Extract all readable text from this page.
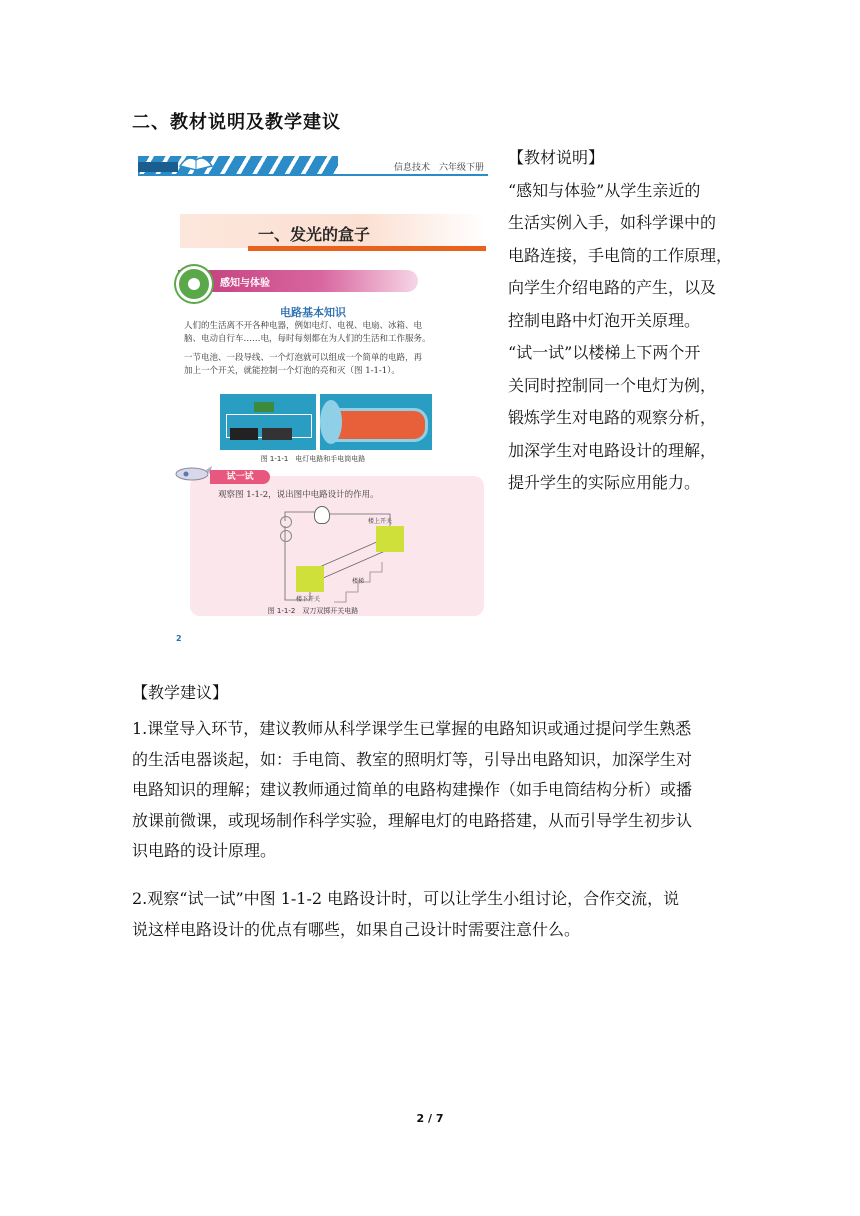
二、教材说明及教学建议
信息技术　六年级下册
一、发光的盒子
感知与体验
电路基本知识
人们的生活离不开各种电器，例如电灯、电视、电扇、冰箱、电
脑、电动自行车……电，每时每刻都在为人们的生活和工作服务。
一节电池、一段导线、一个灯泡就可以组成一个简单的电路，再
加上一个开关，就能控制一个灯泡的亮和灭（图 1-1-1）。
图 1-1-1　电灯电路和手电筒电路
试一试
观察图 1-1-2，说出图中电路设计的作用。
楼上开关
楼下开关
楼梯
图 1-1-2　双刀双掷开关电路
2
【教材说明】
“感知与体验”从学生亲近的
生活实例入手，如科学课中的
电路连接，手电筒的工作原理，
向学生介绍电路的产生，以及
控制电路中灯泡开关原理。
“试一试”以楼梯上下两个开
关同时控制同一个电灯为例，
锻炼学生对电路的观察分析，
加深学生对电路设计的理解，
提升学生的实际应用能力。
【教学建议】
1.课堂导入环节，建议教师从科学课学生已掌握的电路知识或通过提问学生熟悉
的生活电器谈起，如：手电筒、教室的照明灯等，引导出电路知识，加深学生对
电路知识的理解；建议教师通过简单的电路构建操作（如手电筒结构分析）或播
放课前微课，或现场制作科学实验，理解电灯的电路搭建，从而引导学生初步认
识电路的设计原理。
2.观察“试一试”中图 1-1-2 电路设计时，可以让学生小组讨论，合作交流，说
说这样电路设计的优点有哪些，如果自己设计时需要注意什么。
2 / 7
